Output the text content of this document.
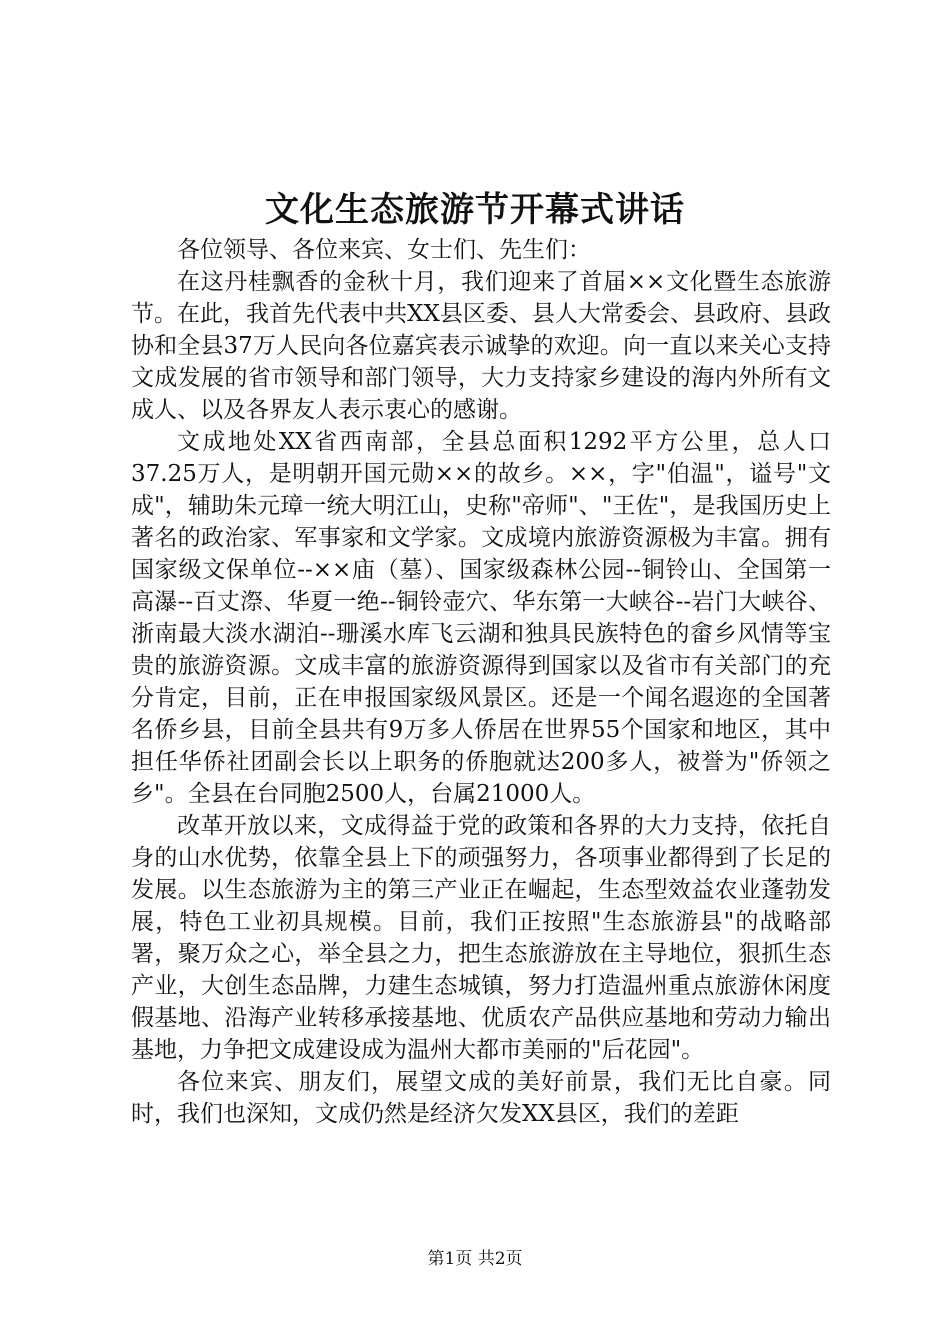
文化生态旅游节开幕式讲话

各位领导、各位来宾、女士们、先生们：

在这丹桂飘香的金秋十月，我们迎来了首届××文化暨生态旅游节。在此，我首先代表中共XX县区委、县人大常委会、县政府、县政协和全县37万人民向各位嘉宾表示诚挚的欢迎。向一直以来关心支持文成发展的省市领导和部门领导，大力支持家乡建设的海内外所有文成人、以及各界友人表示衷心的感谢。

文成地处XX省西南部，全县总面积1292平方公里，总人口37.25万人，是明朝开国元勋××的故乡。××，字"伯温"，谥号"文成"，辅助朱元璋一统大明江山，史称"帝师"、"王佐"，是我国历史上著名的政治家、军事家和文学家。文成境内旅游资源极为丰富。拥有国家级文保单位--××庙（墓）、国家级森林公园--铜铃山、全国第一高瀑--百丈漈、华夏一绝--铜铃壶穴、华东第一大峡谷--岩门大峡谷、浙南最大淡水湖泊--珊溪水库飞云湖和独具民族特色的畲乡风情等宝贵的旅游资源。文成丰富的旅游资源得到国家以及省市有关部门的充分肯定，目前，正在申报国家级风景区。还是一个闻名遐迩的全国著名侨乡县，目前全县共有9万多人侨居在世界55个国家和地区，其中担任华侨社团副会长以上职务的侨胞就达200多人，被誉为"侨领之乡"。全县在台同胞2500人，台属21000人。

改革开放以来，文成得益于党的政策和各界的大力支持，依托自身的山水优势，依靠全县上下的顽强努力，各项事业都得到了长足的发展。以生态旅游为主的第三产业正在崛起，生态型效益农业蓬勃发展，特色工业初具规模。目前，我们正按照"生态旅游县"的战略部署，聚万众之心，举全县之力，把生态旅游放在主导地位，狠抓生态产业，大创生态品牌，力建生态城镇，努力打造温州重点旅游休闲度假基地、沿海产业转移承接基地、优质农产品供应基地和劳动力输出基地，力争把文成建设成为温州大都市美丽的"后花园"。

各位来宾、朋友们，展望文成的美好前景，我们无比自豪。同时，我们也深知，文成仍然是经济欠发XX县区，我们的差距

第1页 共2页
